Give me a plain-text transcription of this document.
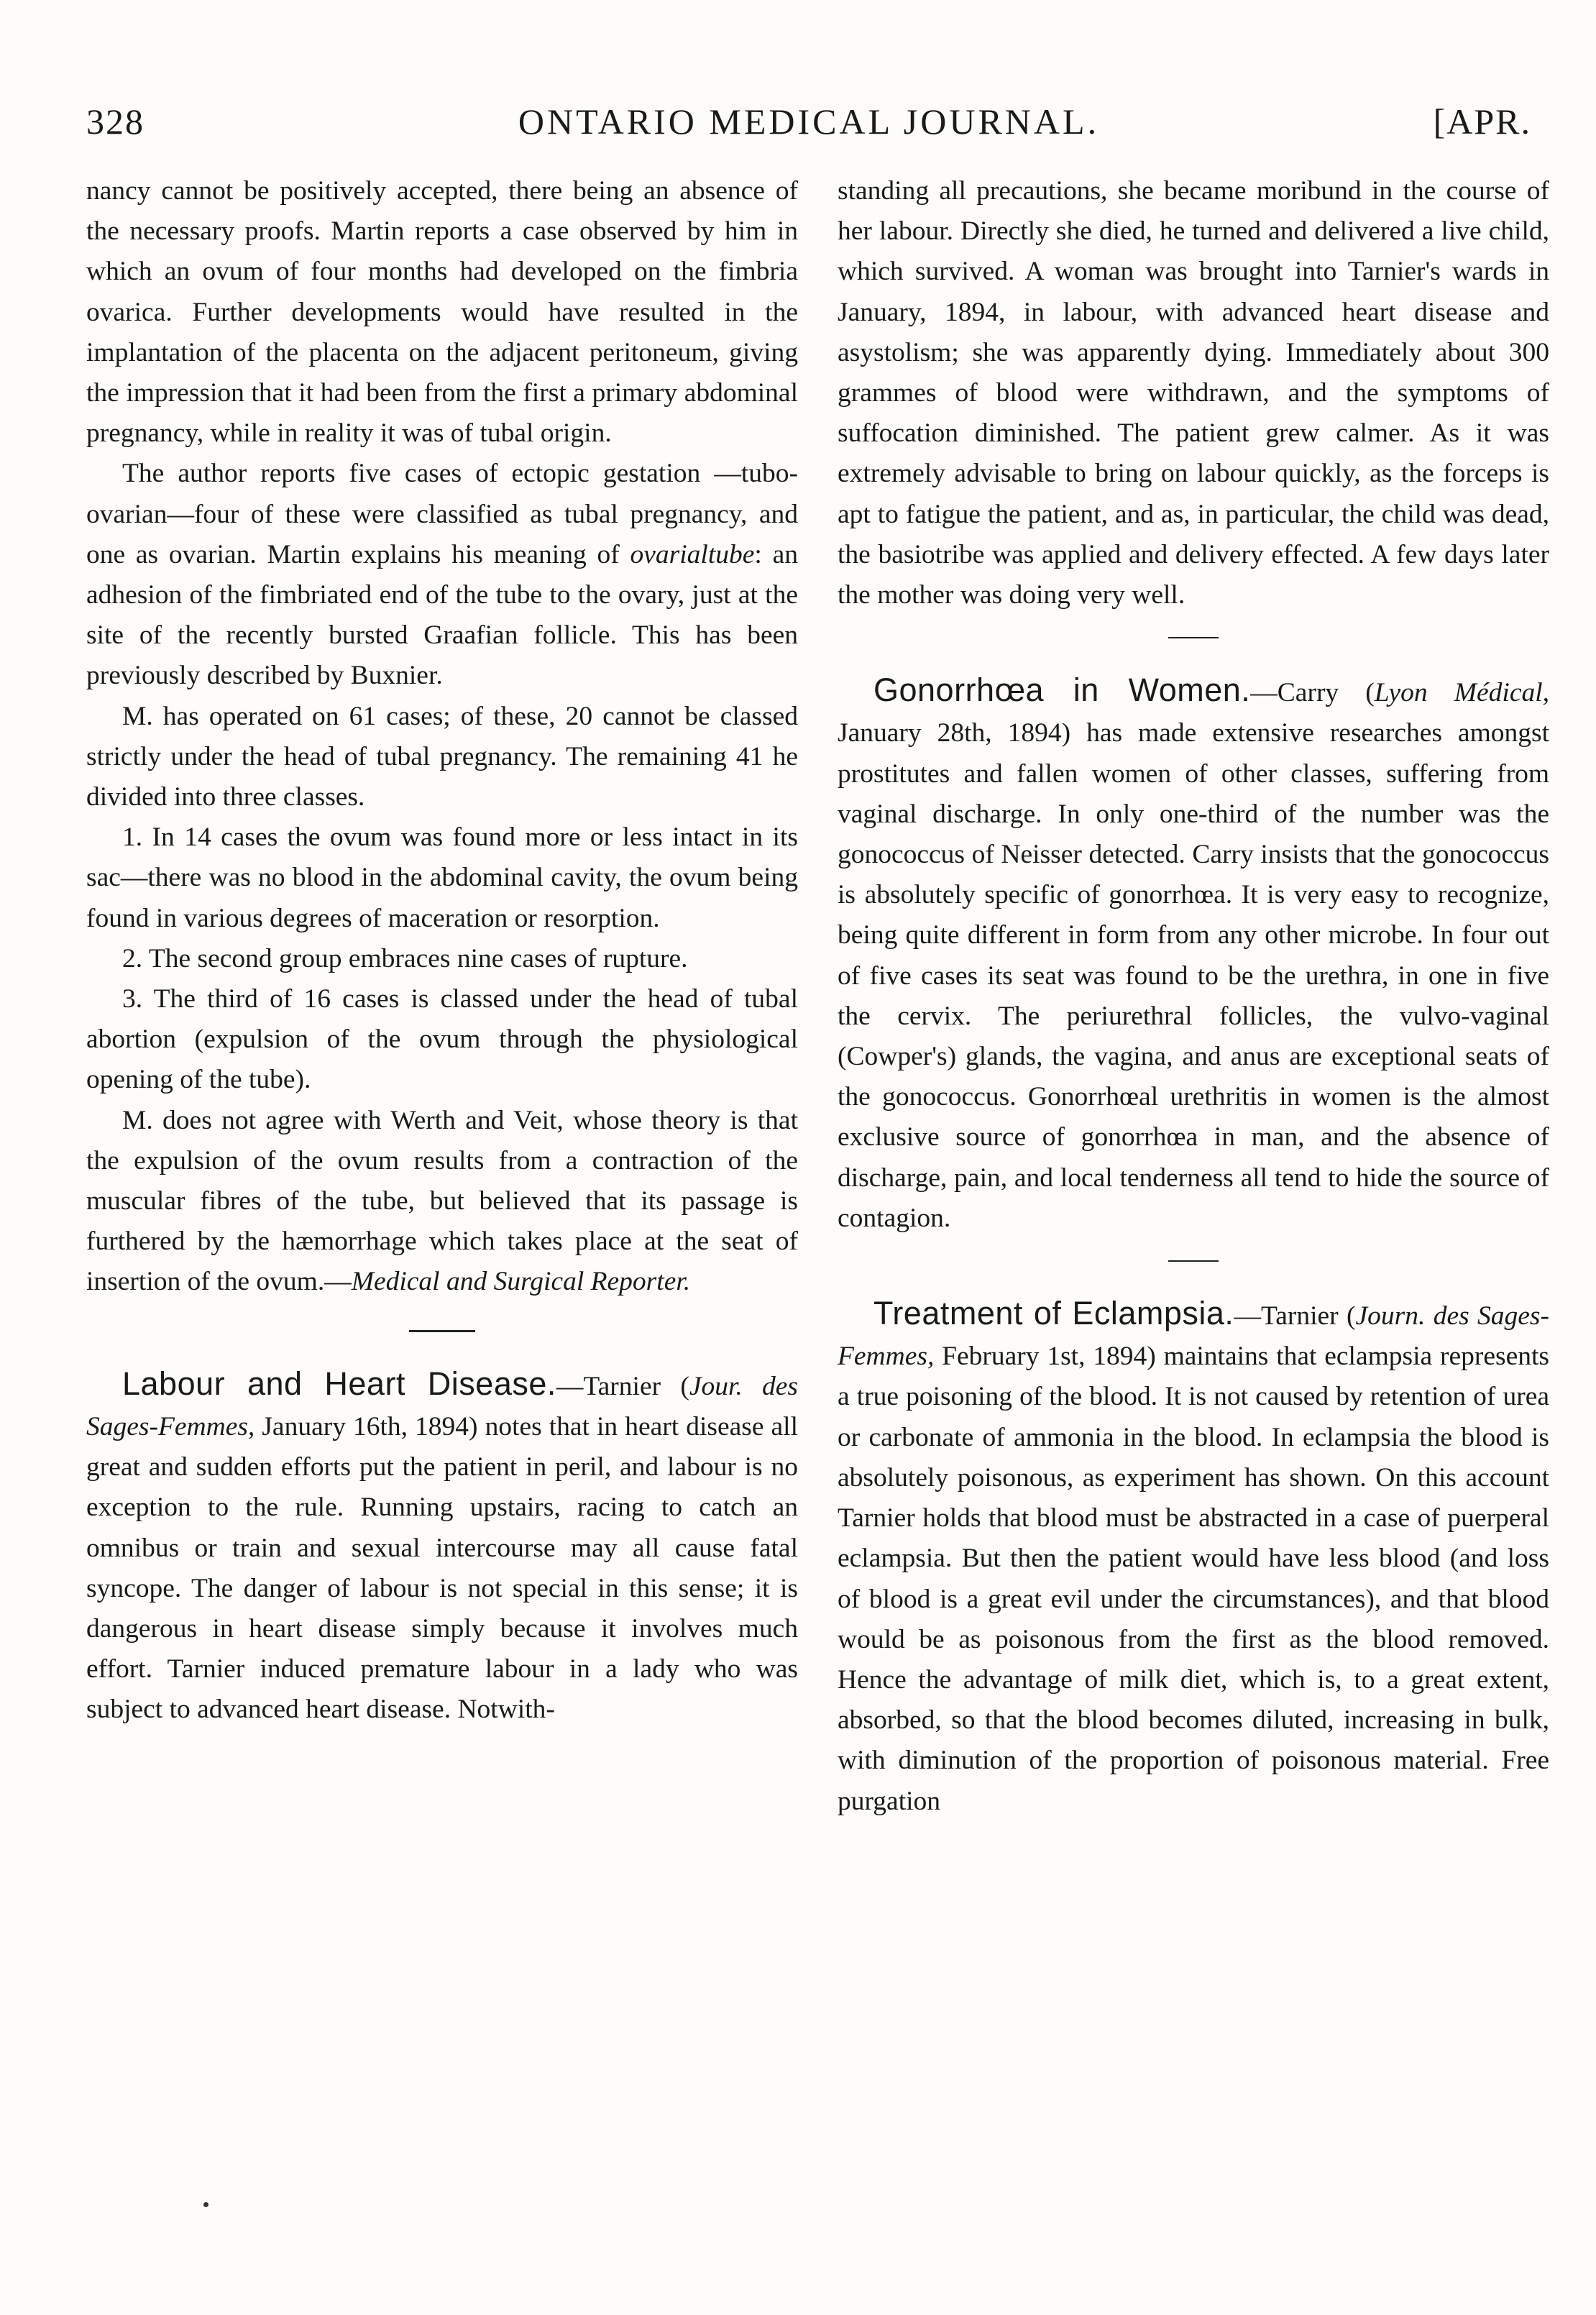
328	ONTARIO MEDICAL JOURNAL.	[APR.

nancy cannot be positively accepted, there being an absence of the necessary proofs. Martin reports a case observed by him in which an ovum of four months had developed on the fimbria ovarica. Further developments would have resulted in the implantation of the placenta on the adjacent peritoneum, giving the impression that it had been from the first a primary abdominal pregnancy, while in reality it was of tubal origin.

The author reports five cases of ectopic gestation —tubo-ovarian—four of these were classified as tubal pregnancy, and one as ovarian. Martin explains his meaning of ovarialtube: an adhesion of the fimbriated end of the tube to the ovary, just at the site of the recently bursted Graafian follicle. This has been previously described by Buxnier.

M. has operated on 61 cases; of these, 20 cannot be classed strictly under the head of tubal pregnancy. The remaining 41 he divided into three classes.

1. In 14 cases the ovum was found more or less intact in its sac—there was no blood in the abdominal cavity, the ovum being found in various degrees of maceration or resorption.

2. The second group embraces nine cases of rupture.

3. The third of 16 cases is classed under the head of tubal abortion (expulsion of the ovum through the physiological opening of the tube).

M. does not agree with Werth and Veit, whose theory is that the expulsion of the ovum results from a contraction of the muscular fibres of the tube, but believed that its passage is furthered by the hæmorrhage which takes place at the seat of insertion of the ovum.—Medical and Surgical Reporter.

Labour and Heart Disease.—Tarnier (Jour. des Sages-Femmes, January 16th, 1894) notes that in heart disease all great and sudden efforts put the patient in peril, and labour is no exception to the rule. Running upstairs, racing to catch an omnibus or train and sexual intercourse may all cause fatal syncope. The danger of labour is not special in this sense; it is dangerous in heart disease simply because it involves much effort. Tarnier induced premature labour in a lady who was subject to advanced heart disease. Notwith-

standing all precautions, she became moribund in the course of her labour. Directly she died, he turned and delivered a live child, which survived. A woman was brought into Tarnier's wards in January, 1894, in labour, with advanced heart disease and asystolism; she was apparently dying. Immediately about 300 grammes of blood were withdrawn, and the symptoms of suffocation diminished. The patient grew calmer. As it was extremely advisable to bring on labour quickly, as the forceps is apt to fatigue the patient, and as, in particular, the child was dead, the basiotribe was applied and delivery effected. A few days later the mother was doing very well.

Gonorrhœa in Women.—Carry (Lyon Médical, January 28th, 1894) has made extensive researches amongst prostitutes and fallen women of other classes, suffering from vaginal discharge. In only one-third of the number was the gonococcus of Neisser detected. Carry insists that the gonococcus is absolutely specific of gonorrhœa. It is very easy to recognize, being quite different in form from any other microbe. In four out of five cases its seat was found to be the urethra, in one in five the cervix. The periurethral follicles, the vulvo-vaginal (Cowper's) glands, the vagina, and anus are exceptional seats of the gonococcus. Gonorrhœal urethritis in women is the almost exclusive source of gonorrhœa in man, and the absence of discharge, pain, and local tenderness all tend to hide the source of contagion.

Treatment of Eclampsia.—Tarnier (Journ. des Sages-Femmes, February 1st, 1894) maintains that eclampsia represents a true poisoning of the blood. It is not caused by retention of urea or carbonate of ammonia in the blood. In eclampsia the blood is absolutely poisonous, as experiment has shown. On this account Tarnier holds that blood must be abstracted in a case of puerperal eclampsia. But then the patient would have less blood (and loss of blood is a great evil under the circumstances), and that blood would be as poisonous from the first as the blood removed. Hence the advantage of milk diet, which is, to a great extent, absorbed, so that the blood becomes diluted, increasing in bulk, with diminution of the proportion of poisonous material. Free purgation
